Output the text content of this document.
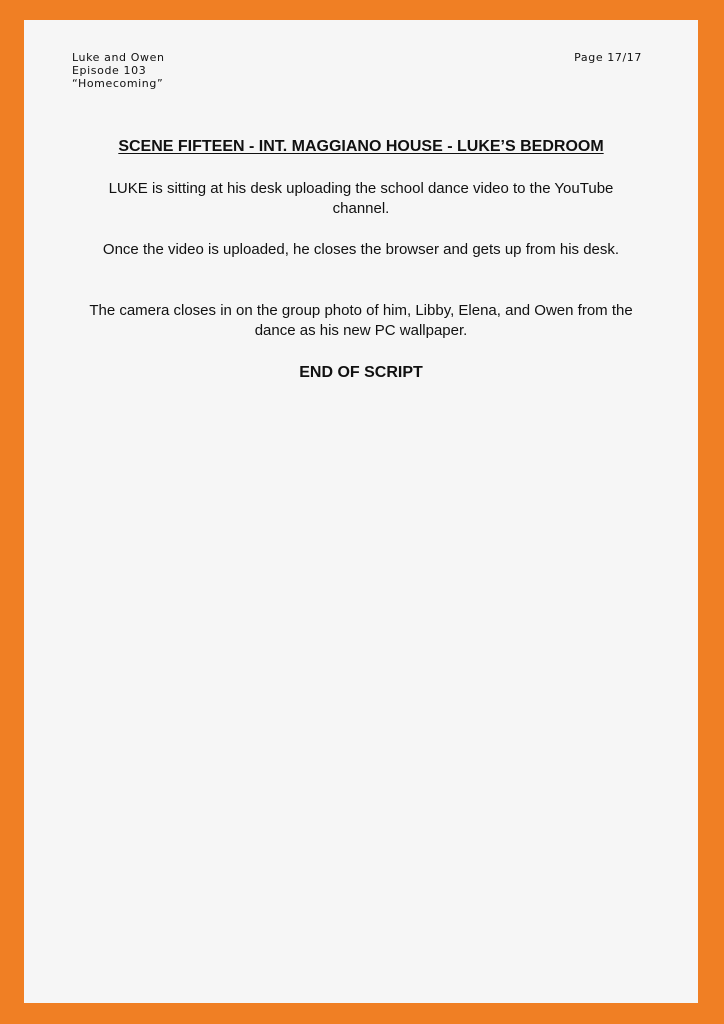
Luke and Owen
Episode 103
“Homecoming”
Page 17/17
SCENE FIFTEEN - INT. MAGGIANO HOUSE - LUKE’S BEDROOM
LUKE is sitting at his desk uploading the school dance video to the YouTube channel.
Once the video is uploaded, he closes the browser and gets up from his desk.
The camera closes in on the group photo of him, Libby, Elena, and Owen from the dance as his new PC wallpaper.
END OF SCRIPT
